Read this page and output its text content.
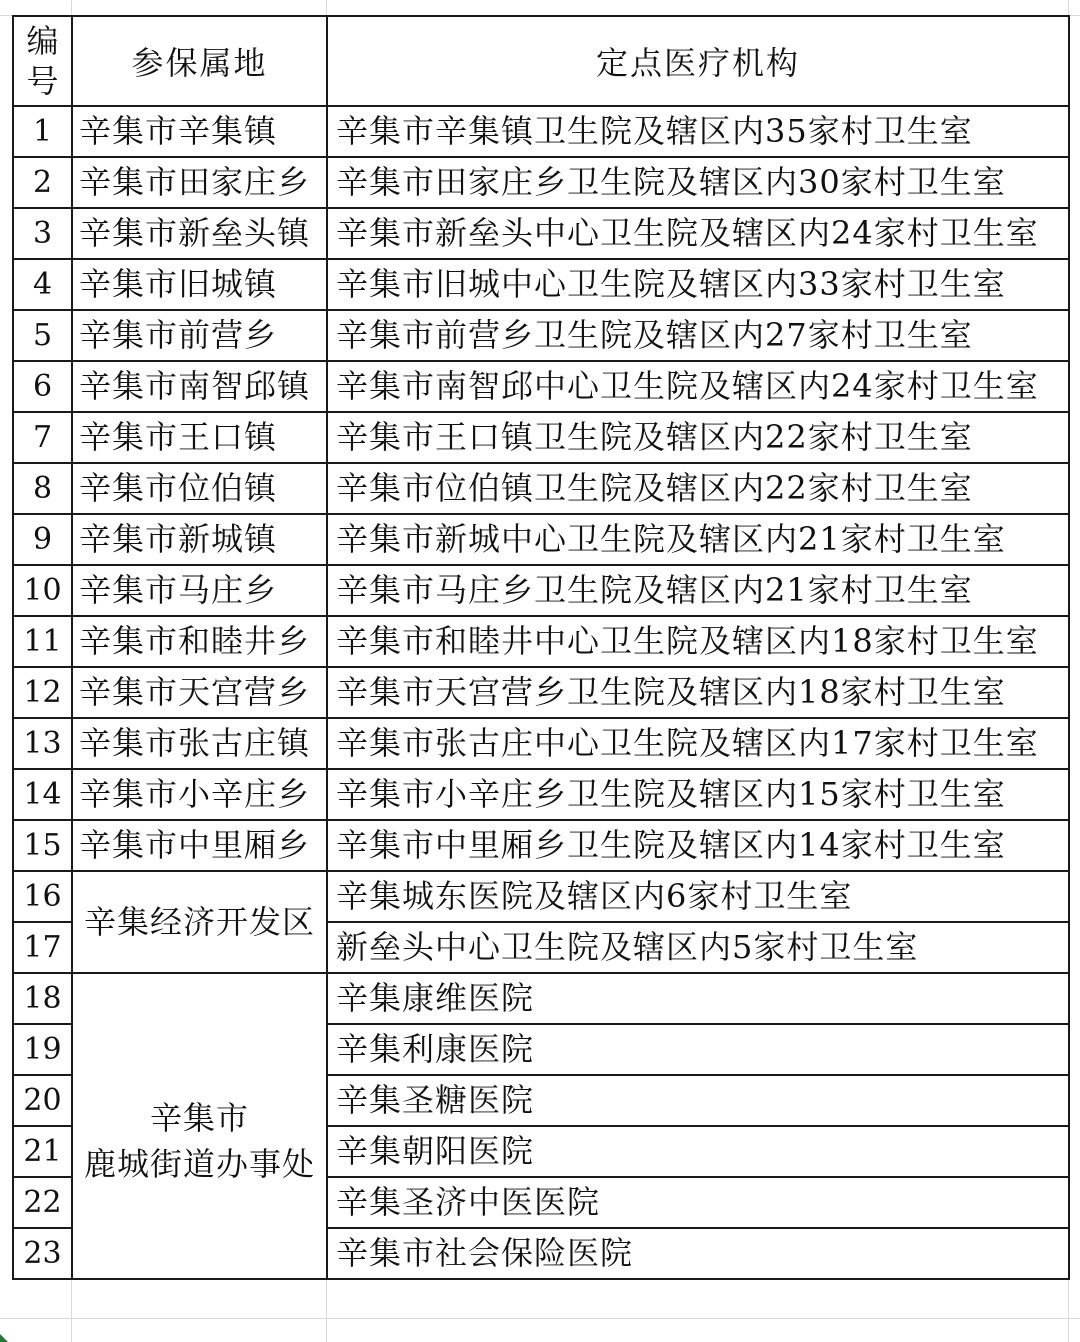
编
号	参保属地	定点医疗机构
1	辛集市辛集镇	辛集市辛集镇卫生院及辖区内35家村卫生室
2	辛集市田家庄乡	辛集市田家庄乡卫生院及辖区内30家村卫生室
3	辛集市新垒头镇	辛集市新垒头中心卫生院及辖区内24家村卫生室
4	辛集市旧城镇	辛集市旧城中心卫生院及辖区内33家村卫生室
5	辛集市前营乡	辛集市前营乡卫生院及辖区内27家村卫生室
6	辛集市南智邱镇	辛集市南智邱中心卫生院及辖区内24家村卫生室
7	辛集市王口镇	辛集市王口镇卫生院及辖区内22家村卫生室
8	辛集市位伯镇	辛集市位伯镇卫生院及辖区内22家村卫生室
9	辛集市新城镇	辛集市新城中心卫生院及辖区内21家村卫生室
10	辛集市马庄乡	辛集市马庄乡卫生院及辖区内21家村卫生室
11	辛集市和睦井乡	辛集市和睦井中心卫生院及辖区内18家村卫生室
12	辛集市天宫营乡	辛集市天宫营乡卫生院及辖区内18家村卫生室
13	辛集市张古庄镇	辛集市张古庄中心卫生院及辖区内17家村卫生室
14	辛集市小辛庄乡	辛集市小辛庄乡卫生院及辖区内15家村卫生室
15	辛集市中里厢乡	辛集市中里厢乡卫生院及辖区内14家村卫生室
16	辛集经济开发区	辛集城东医院及辖区内6家村卫生室
17		新垒头中心卫生院及辖区内5家村卫生室
18	辛集市
鹿城街道办事处	辛集康维医院
19		辛集利康医院
20		辛集圣糖医院
21		辛集朝阳医院
22		辛集圣济中医医院
23		辛集市社会保险医院
